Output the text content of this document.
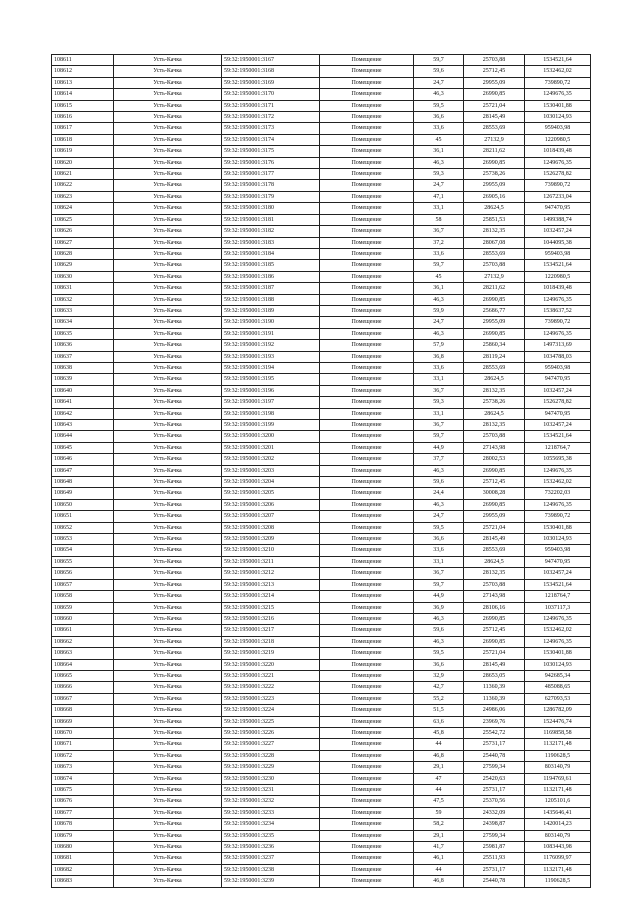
108611	Усть-Качка	59:32:1950001:3167	Помещение	59,7	25703,88	1534521,64
108612	Усть-Качка	59:32:1950001:3168	Помещение	59,6	25712,45	1532462,02
108613	Усть-Качка	59:32:1950001:3169	Помещение	24,7	29955,09	739890,72
108614	Усть-Качка	59:32:1950001:3170	Помещение	46,3	26990,85	1249676,35
108615	Усть-Качка	59:32:1950001:3171	Помещение	59,5	25721,04	1530401,88
108616	Усть-Качка	59:32:1950001:3172	Помещение	36,6	28145,49	1030124,93
108617	Усть-Качка	59:32:1950001:3173	Помещение	33,6	28553,69	959403,98
108618	Усть-Качка	59:32:1950001:3174	Помещение	45	27132,9	1220980,5
108619	Усть-Качка	59:32:1950001:3175	Помещение	36,1	28211,62	1018439,48
108620	Усть-Качка	59:32:1950001:3176	Помещение	46,3	26990,85	1249676,35
108621	Усть-Качка	59:32:1950001:3177	Помещение	59,3	25738,26	1526278,82
108622	Усть-Качка	59:32:1950001:3178	Помещение	24,7	29955,09	739890,72
108623	Усть-Качка	59:32:1950001:3179	Помещение	47,1	26905,16	1267233,04
108624	Усть-Качка	59:32:1950001:3180	Помещение	33,1	28624,5	947470,95
108625	Усть-Качка	59:32:1950001:3181	Помещение	58	25851,53	1499388,74
108626	Усть-Качка	59:32:1950001:3182	Помещение	36,7	28132,35	1032457,24
108627	Усть-Качка	59:32:1950001:3183	Помещение	37,2	28067,08	1044095,38
108628	Усть-Качка	59:32:1950001:3184	Помещение	33,6	28553,69	959403,98
108629	Усть-Качка	59:32:1950001:3185	Помещение	59,7	25703,88	1534521,64
108630	Усть-Качка	59:32:1950001:3186	Помещение	45	27132,9	1220980,5
108631	Усть-Качка	59:32:1950001:3187	Помещение	36,1	28211,62	1018439,48
108632	Усть-Качка	59:32:1950001:3188	Помещение	46,3	26990,85	1249676,35
108633	Усть-Качка	59:32:1950001:3189	Помещение	59,9	25686,77	1538637,52
108634	Усть-Качка	59:32:1950001:3190	Помещение	24,7	29955,09	739890,72
108635	Усть-Качка	59:32:1950001:3191	Помещение	46,3	26990,85	1249676,35
108636	Усть-Качка	59:32:1950001:3192	Помещение	57,9	25860,34	1497313,69
108637	Усть-Качка	59:32:1950001:3193	Помещение	36,8	28119,24	1034788,03
108638	Усть-Качка	59:32:1950001:3194	Помещение	33,6	28553,69	959403,98
108639	Усть-Качка	59:32:1950001:3195	Помещение	33,1	28624,5	947470,95
108640	Усть-Качка	59:32:1950001:3196	Помещение	36,7	28132,35	1032457,24
108641	Усть-Качка	59:32:1950001:3197	Помещение	59,3	25738,26	1526278,82
108642	Усть-Качка	59:32:1950001:3198	Помещение	33,1	28624,5	947470,95
108643	Усть-Качка	59:32:1950001:3199	Помещение	36,7	28132,35	1032457,24
108644	Усть-Качка	59:32:1950001:3200	Помещение	59,7	25703,88	1534521,64
108645	Усть-Качка	59:32:1950001:3201	Помещение	44,9	27143,98	1218764,7
108646	Усть-Качка	59:32:1950001:3202	Помещение	37,7	28002,53	1055695,38
108647	Усть-Качка	59:32:1950001:3203	Помещение	46,3	26990,85	1249676,35
108648	Усть-Качка	59:32:1950001:3204	Помещение	59,6	25712,45	1532462,02
108649	Усть-Качка	59:32:1950001:3205	Помещение	24,4	30008,28	732202,03
108650	Усть-Качка	59:32:1950001:3206	Помещение	46,3	26990,85	1249676,35
108651	Усть-Качка	59:32:1950001:3207	Помещение	24,7	29955,09	739890,72
108652	Усть-Качка	59:32:1950001:3208	Помещение	59,5	25721,04	1530401,88
108653	Усть-Качка	59:32:1950001:3209	Помещение	36,6	28145,49	1030124,93
108654	Усть-Качка	59:32:1950001:3210	Помещение	33,6	28553,69	959403,98
108655	Усть-Качка	59:32:1950001:3211	Помещение	33,1	28624,5	947470,95
108656	Усть-Качка	59:32:1950001:3212	Помещение	36,7	28132,35	1032457,24
108657	Усть-Качка	59:32:1950001:3213	Помещение	59,7	25703,88	1534521,64
108658	Усть-Качка	59:32:1950001:3214	Помещение	44,9	27143,98	1218764,7
108659	Усть-Качка	59:32:1950001:3215	Помещение	36,9	28106,16	1037117,3
108660	Усть-Качка	59:32:1950001:3216	Помещение	46,3	26990,85	1249676,35
108661	Усть-Качка	59:32:1950001:3217	Помещение	59,6	25712,45	1532462,02
108662	Усть-Качка	59:32:1950001:3218	Помещение	46,3	26990,85	1249676,35
108663	Усть-Качка	59:32:1950001:3219	Помещение	59,5	25721,04	1530401,88
108664	Усть-Качка	59:32:1950001:3220	Помещение	36,6	28145,49	1030124,93
108665	Усть-Качка	59:32:1950001:3221	Помещение	32,9	28653,05	942685,34
108666	Усть-Качка	59:32:1950001:3222	Помещение	42,7	11360,39	485088,65
108667	Усть-Качка	59:32:1950001:3223	Помещение	55,2	11360,39	627093,53
108668	Усть-Качка	59:32:1950001:3224	Помещение	51,5	24986,06	1286782,09
108669	Усть-Качка	59:32:1950001:3225	Помещение	63,6	23969,76	1524476,74
108670	Усть-Качка	59:32:1950001:3226	Помещение	45,8	25542,72	1169858,58
108671	Усть-Качка	59:32:1950001:3227	Помещение	44	25731,17	1132171,48
108672	Усть-Качка	59:32:1950001:3228	Помещение	46,8	25440,78	1190628,5
108673	Усть-Качка	59:32:1950001:3229	Помещение	29,1	27599,34	803140,79
108674	Усть-Качка	59:32:1950001:3230	Помещение	47	25420,63	1194769,61
108675	Усть-Качка	59:32:1950001:3231	Помещение	44	25731,17	1132171,48
108676	Усть-Качка	59:32:1950001:3232	Помещение	47,5	25370,56	1205101,6
108677	Усть-Качка	59:32:1950001:3233	Помещение	59	24332,09	1435646,41
108678	Усть-Качка	59:32:1950001:3234	Помещение	58,2	24398,87	1420014,23
108679	Усть-Качка	59:32:1950001:3235	Помещение	29,1	27599,34	803140,79
108680	Усть-Качка	59:32:1950001:3236	Помещение	41,7	25981,87	1083443,98
108681	Усть-Качка	59:32:1950001:3237	Помещение	46,1	25511,93	1176099,97
108682	Усть-Качка	59:32:1950001:3238	Помещение	44	25731,17	1132171,48
108683	Усть-Качка	59:32:1950001:3239	Помещение	46,8	25440,78	1190628,5
